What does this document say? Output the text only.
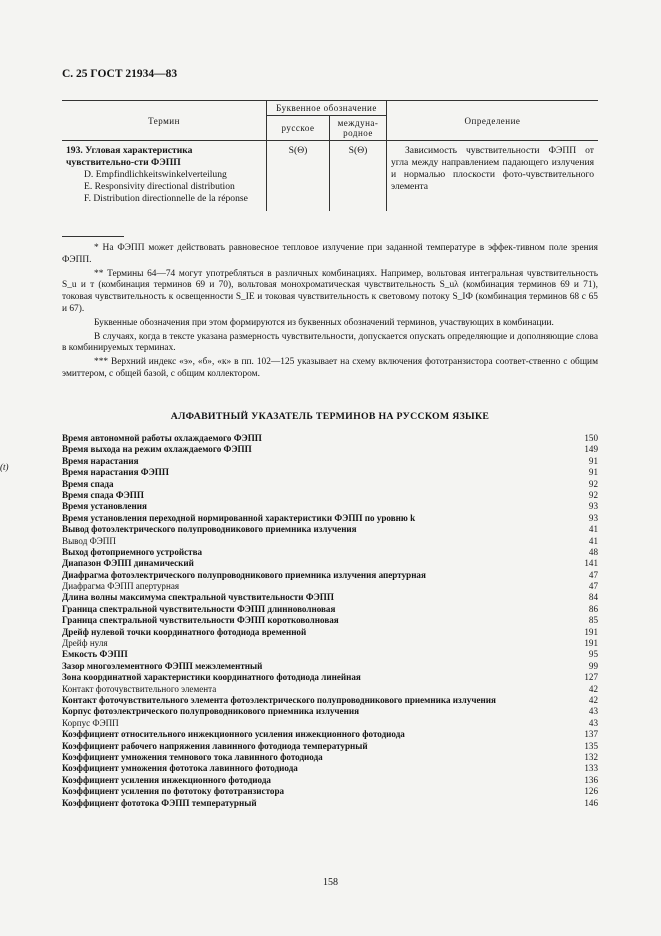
С. 25 ГОСТ 21934—83
Термин	Буквенное обозначение		Определение
	русское	междуна-родное	

193. Угловая характеристика чувствительно-сти ФЭПП
D. Empfindlichkeitswinkelverteilung
E. Responsivity directional distribution
F. Distribution directionnelle de la réponse	S(Θ)	S(Θ)	Зависимость чувствительности ФЭПП от угла между направлением падающего излучения и нормалью плоскости фото-чувствительного элемента

* На ФЭПП может действовать равновесное тепловое излучение при заданной температуре в эффек-тивном поле зрения ФЭПП.

** Термины 64—74 могут употребляться в различных комбинациях. Например, вольтовая интегральная чувствительность S_u и т (комбинация терминов 69 и 70), вольтовая монохроматическая чувствительность S_uλ (комбинация терминов 69 и 71), токовая чувствительность к освещенности S_IE и токовая чувствительность к световому потоку S_IФ (комбинация терминов 68 с 65 и 67).

Буквенные обозначения при этом формируются из буквенных обозначений терминов, участвующих в комбинации.

В случаях, когда в тексте указана размерность чувствительности, допускается опускать определяющие и дополняющие слова в комбинируемых терминах.

*** Верхний индекс «э», «б», «к» в пп. 102—125 указывает на схему включения фототранзистора соответ-ственно с общим эмиттером, с общей базой, с общим коллектором.

АЛФАВИТНЫЙ УКАЗАТЕЛЬ ТЕРМИНОВ НА РУССКОМ ЯЗЫКЕ
Время автономной работы охлаждаемого ФЭПП	150
Время выхода на режим охлаждаемого ФЭПП	149
Время нарастания	91
Время нарастания ФЭПП	91
Время спада	92
Время спада ФЭПП	92
Время установления	93
Время установления переходной нормированной характеристики ФЭПП по уровню k	93
Вывод фотоэлектрического полупроводникового приемника излучения	41
Вывод ФЭПП	41
Выход фотоприемного устройства	48
Диапазон ФЭПП динамический	141
Диафрагма фотоэлектрического полупроводникового приемника излучения апертурная	47
Диафрагма ФЭПП апертурная	47
Длина волны максимума спектральной чувствительности ФЭПП	84
Граница спектральной чувствительности ФЭПП длинноволновая	86
Граница спектральной чувствительности ФЭПП коротковолновая	85
Дрейф нулевой точки координатного фотодиода временной	191
Дрейф нуля	191
Емкость ФЭПП	95
Зазор многоэлементного ФЭПП межэлементный	99
Зона координатной характеристики координатного фотодиода линейная	127
Контакт фоточувствительного элемента	42
Контакт фоточувствительного элемента фотоэлектрического полупроводникового приемника излучения	42
Корпус фотоэлектрического полупроводникового приемника излучения	43
Корпус ФЭПП	43
Коэффициент относительного инжекционного усиления инжекционного фотодиода	137
Коэффициент рабочего напряжения лавинного фотодиода температурный	135
Коэффициент умножения темнового тока лавинного фотодиода	132
Коэффициент умножения фототока лавинного фотодиода	133
Коэффициент усиления инжекционного фотодиода	136
Коэффициент усиления по фототоку фототранзистора	126
Коэффициент фототока ФЭПП температурный	146
(t)
158
